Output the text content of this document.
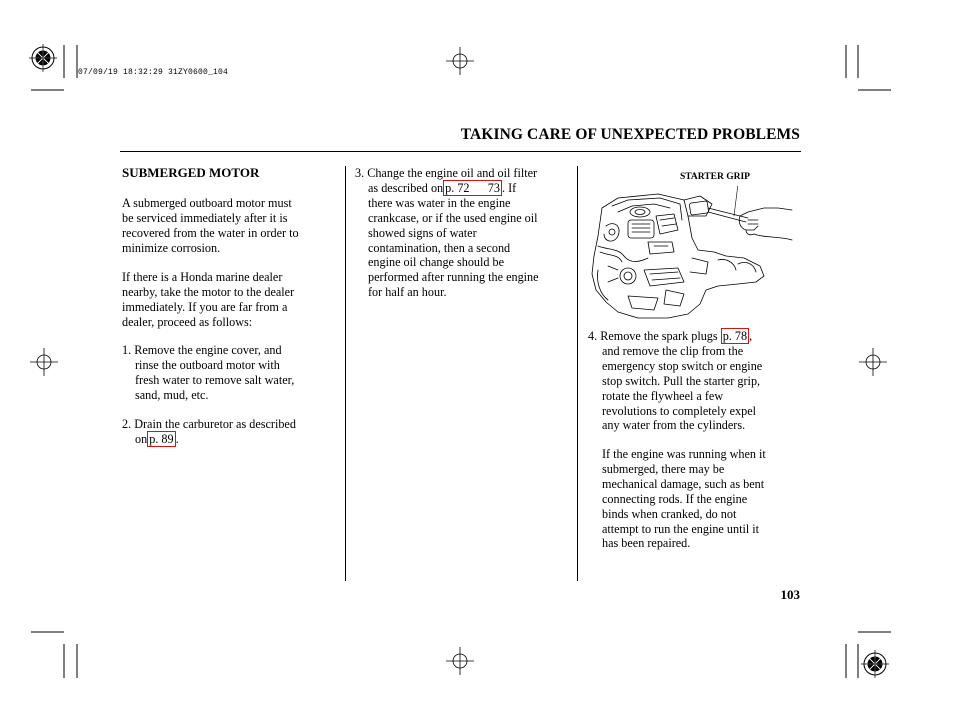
07/09/19 18:32:29 31ZY0600_104
TAKING CARE OF UNEXPECTED PROBLEMS
SUBMERGED MOTOR
A submerged outboard motor must
be serviced immediately after it is
recovered from the water in order to
minimize corrosion.
If there is a Honda marine dealer
nearby, take the motor to the dealer
immediately. If you are far from a
dealer, proceed as follows:
1. Remove the engine cover, and
rinse the outboard motor with
fresh water to remove salt water,
sand, mud, etc.
2. Drain the carburetor as described
on p. 89 .
3. Change the engine oil and oil filter
as described on p. 72      73 . If
there was water in the engine
crankcase, or if the used engine oil
showed signs of water
contamination, then a second
engine oil change should be
performed after running the engine
for half an hour.
STARTER GRIP
4. Remove the spark plugs p. 78 ,
and remove the clip from the
emergency stop switch or engine
stop switch. Pull the starter grip,
rotate the flywheel a few
revolutions to completely expel
any water from the cylinders.
If the engine was running when it
submerged, there may be
mechanical damage, such as bent
connecting rods. If the engine
binds when cranked, do not
attempt to run the engine until it
has been repaired.
103
